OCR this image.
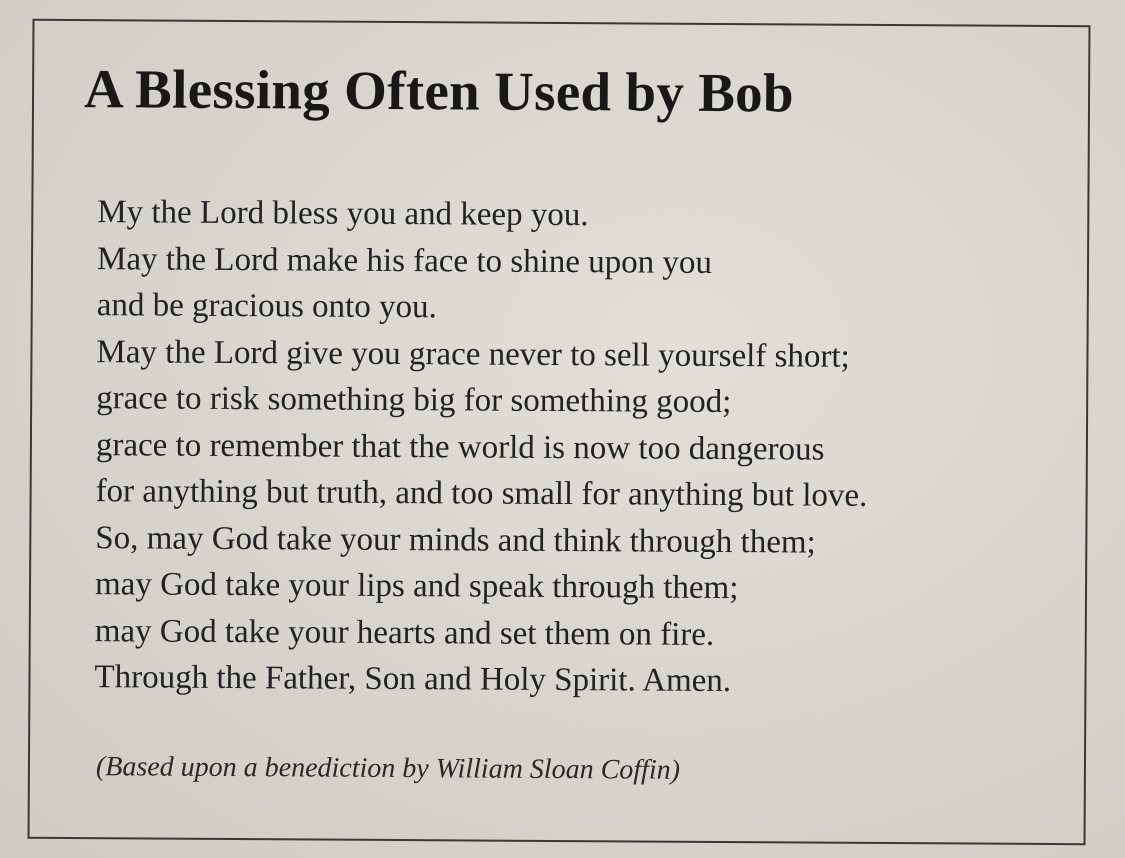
A Blessing Often Used by Bob
My the Lord bless you and keep you.
May the Lord make his face to shine upon you
and be gracious onto you.
May the Lord give you grace never to sell yourself short;
grace to risk something big for something good;
grace to remember that the world is now too dangerous
for anything but truth, and too small for anything but love.
So, may God take your minds and think through them;
may God take your lips and speak through them;
may God take your hearts and set them on fire.
Through the Father, Son and Holy Spirit. Amen.

(Based upon a benediction by William Sloan Coffin)
